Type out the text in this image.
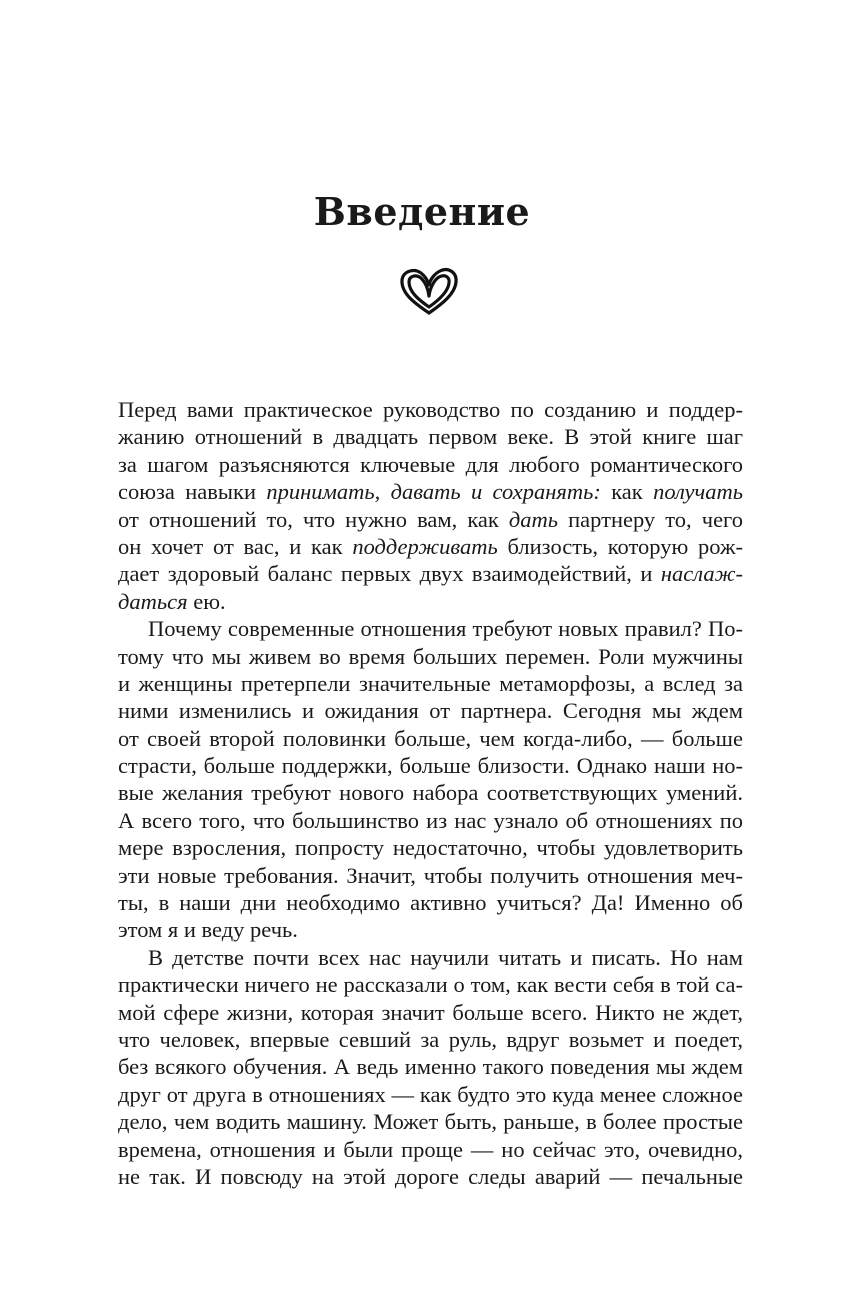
Введение
Перед вами практическое руководство по созданию и поддер-
жанию отношений в двадцать первом веке. В этой книге шаг
за шагом разъясняются ключевые для любого романтического
союза навыки принимать, давать и сохранять: как получать
от отношений то, что нужно вам, как дать партнеру то, чего
он хочет от вас, и как поддерживать близость, которую рож-
дает здоровый баланс первых двух взаимодействий, и наслаж-
даться ею.
Почему современные отношения требуют новых правил? По-
тому что мы живем во время больших перемен. Роли мужчины
и женщины претерпели значительные метаморфозы, а вслед за
ними изменились и ожидания от партнера. Сегодня мы ждем
от своей второй половинки больше, чем когда-либо, — больше
страсти, больше поддержки, больше близости. Однако наши но-
вые желания требуют нового набора соответствующих умений.
А всего того, что большинство из нас узнало об отношениях по
мере взросления, попросту недостаточно, чтобы удовлетворить
эти новые требования. Значит, чтобы получить отношения меч-
ты, в наши дни необходимо активно учиться? Да! Именно об
этом я и веду речь.
В детстве почти всех нас научили читать и писать. Но нам
практически ничего не рассказали о том, как вести себя в той са-
мой сфере жизни, которая значит больше всего. Никто не ждет,
что человек, впервые севший за руль, вдруг возьмет и поедет,
без всякого обучения. А ведь именно такого поведения мы ждем
друг от друга в отношениях — как будто это куда менее сложное
дело, чем водить машину. Может быть, раньше, в более простые
времена, отношения и были проще — но сейчас это, очевидно,
не так. И повсюду на этой дороге следы аварий — печальные
